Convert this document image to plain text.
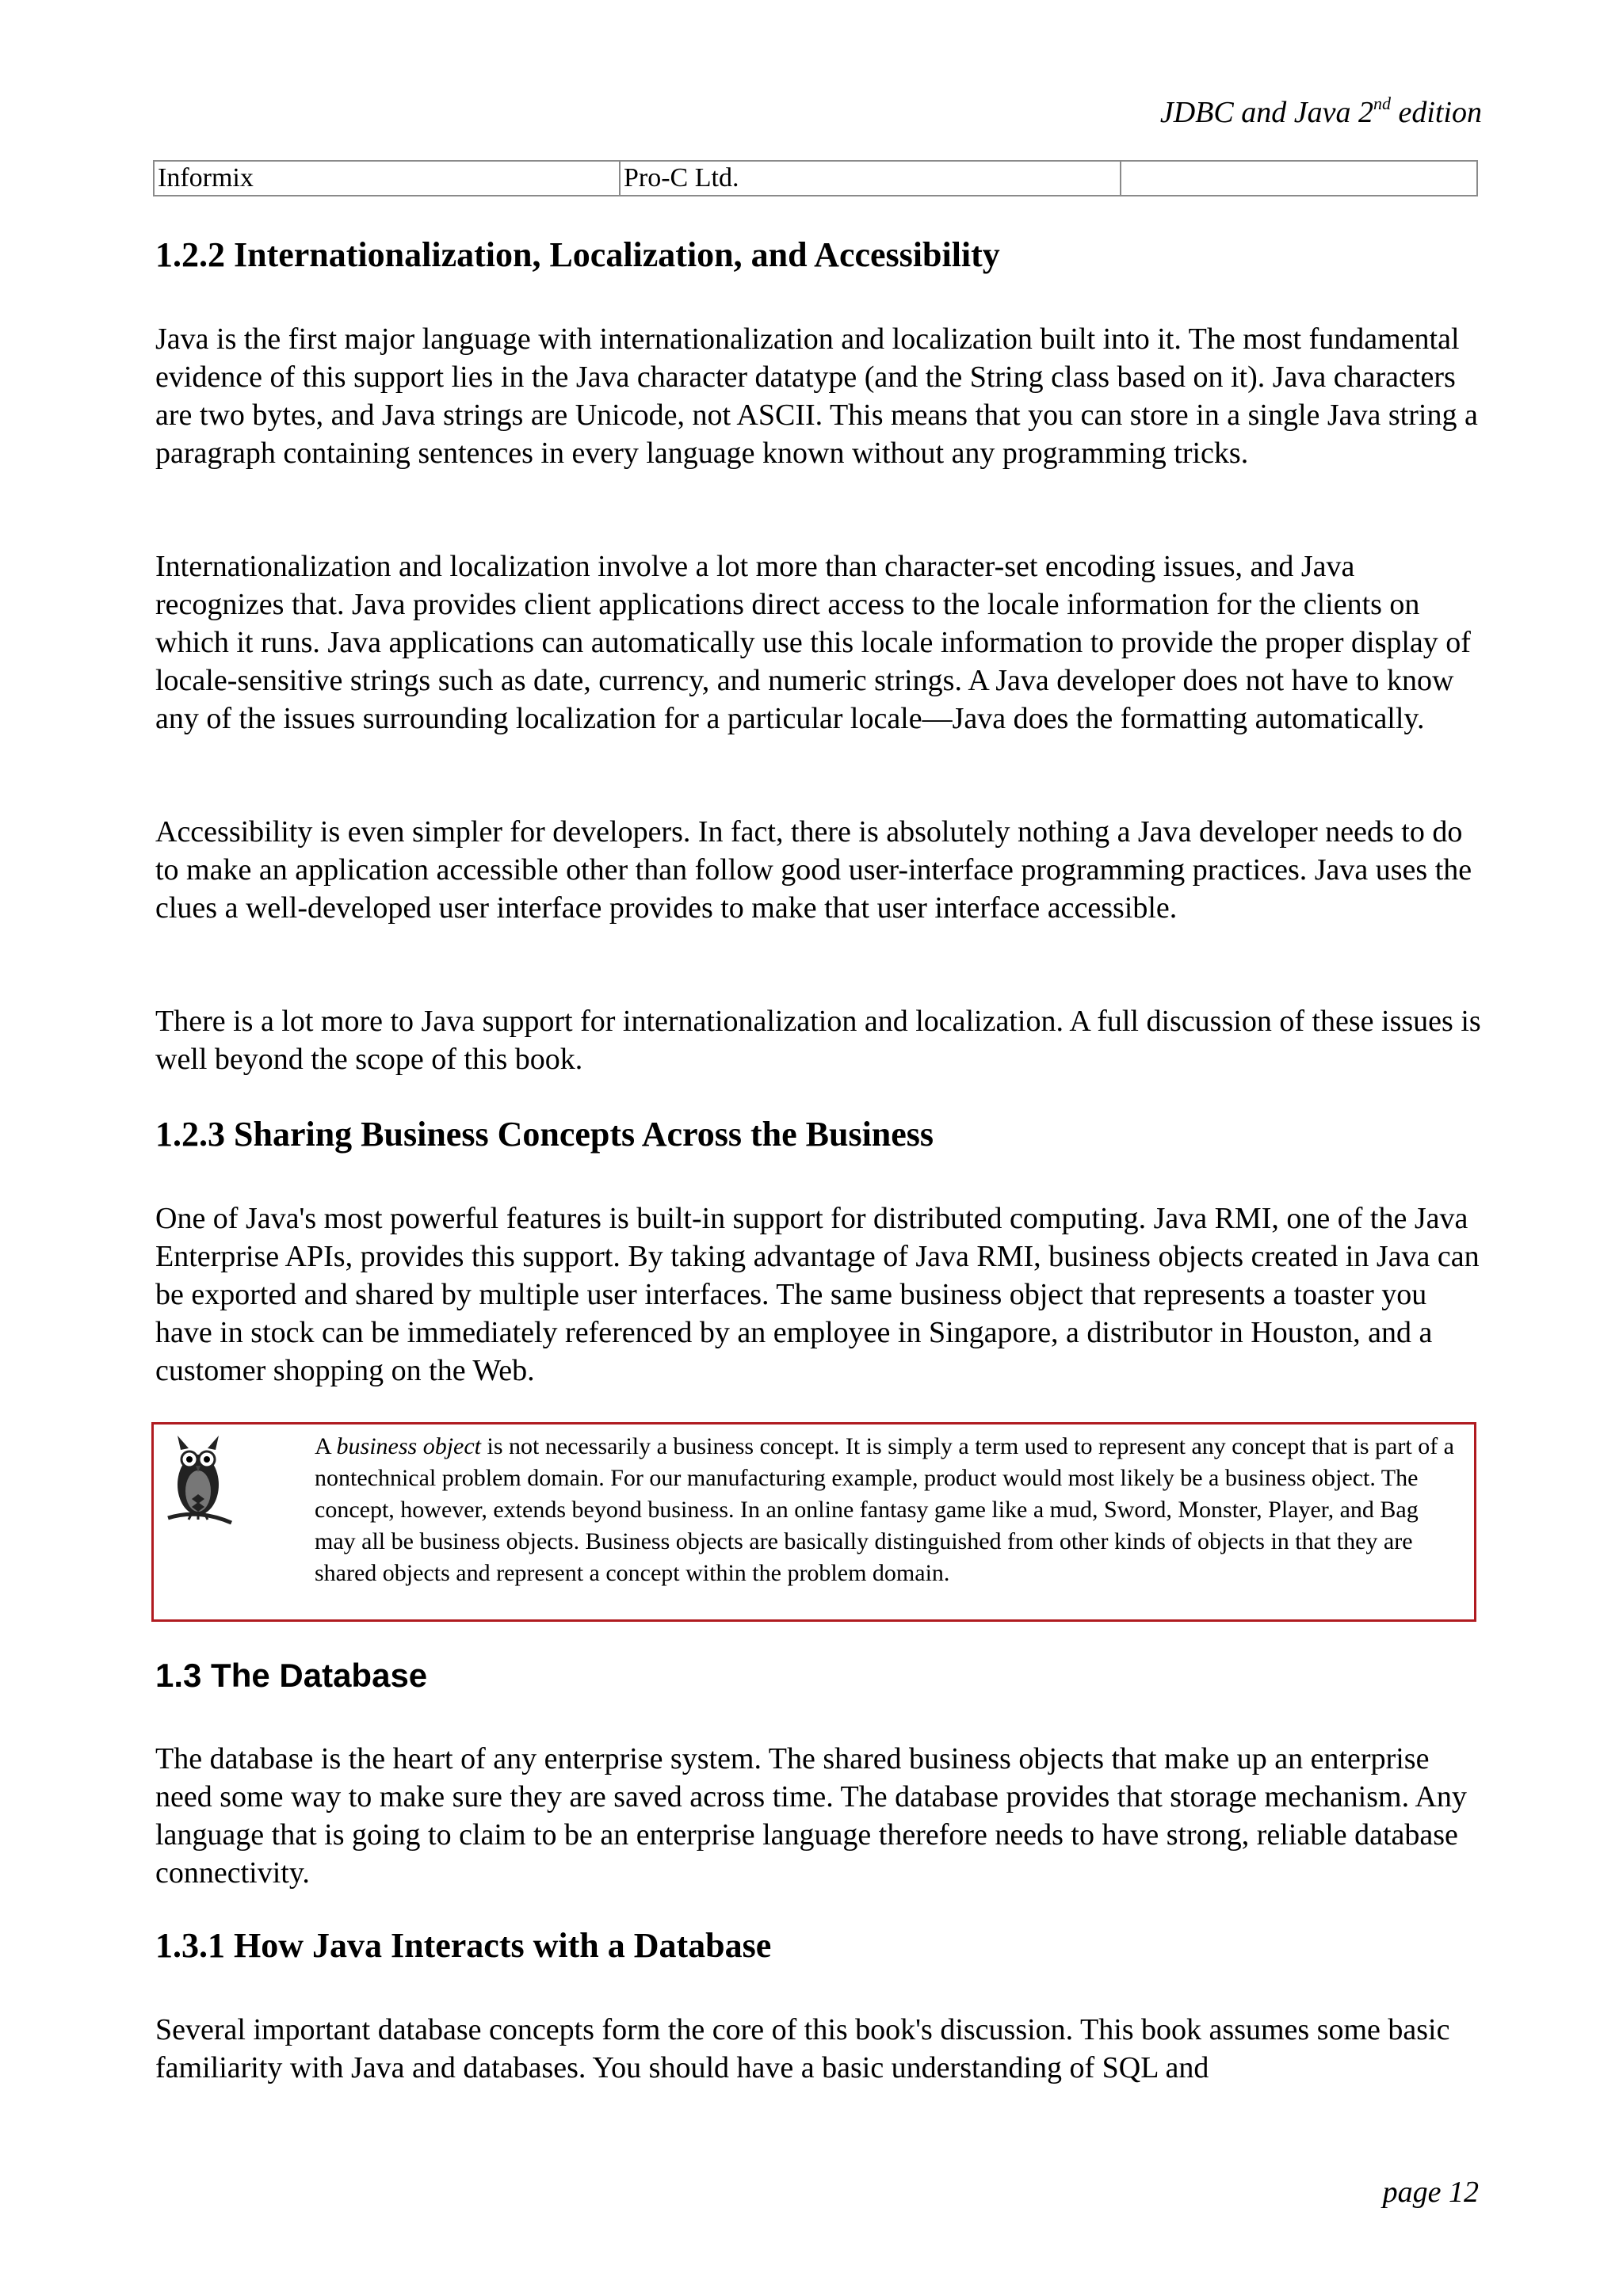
JDBC and Java 2nd edition
Informix	Pro-C Ltd.	
1.2.2 Internationalization, Localization, and Accessibility

Java is the first major language with internationalization and localization built into it. The most fundamental evidence of this support lies in the Java character datatype (and the String class based on it). Java characters are two bytes, and Java strings are Unicode, not ASCII. This means that you can store in a single Java string a paragraph containing sentences in every language known without any programming tricks.

Internationalization and localization involve a lot more than character-set encoding issues, and Java recognizes that. Java provides client applications direct access to the locale information for the clients on which it runs. Java applications can automatically use this locale information to provide the proper display of locale-sensitive strings such as date, currency, and numeric strings. A Java developer does not have to know any of the issues surrounding localization for a particular locale—Java does the formatting automatically.

Accessibility is even simpler for developers. In fact, there is absolutely nothing a Java developer needs to do to make an application accessible other than follow good user-interface programming practices. Java uses the clues a well-developed user interface provides to make that user interface accessible.

There is a lot more to Java support for internationalization and localization. A full discussion of these issues is well beyond the scope of this book.

1.2.3 Sharing Business Concepts Across the Business

One of Java's most powerful features is built-in support for distributed computing. Java RMI, one of the Java Enterprise APIs, provides this support. By taking advantage of Java RMI, business objects created in Java can be exported and shared by multiple user interfaces. The same business object that represents a toaster you have in stock can be immediately referenced by an employee in Singapore, a distributor in Houston, and a customer shopping on the Web.

A business object is not necessarily a business concept. It is simply a term used to represent any concept that is part of a nontechnical problem domain. For our manufacturing example, product would most likely be a business object. The concept, however, extends beyond business. In an online fantasy game like a mud, Sword, Monster, Player, and Bag may all be business objects. Business objects are basically distinguished from other kinds of objects in that they are shared objects and represent a concept within the problem domain.

1.3 The Database

The database is the heart of any enterprise system. The shared business objects that make up an enterprise need some way to make sure they are saved across time. The database provides that storage mechanism. Any language that is going to claim to be an enterprise language therefore needs to have strong, reliable database connectivity.

1.3.1 How Java Interacts with a Database

Several important database concepts form the core of this book's discussion. This book assumes some basic familiarity with Java and databases. You should have a basic understanding of SQL and

page 12
